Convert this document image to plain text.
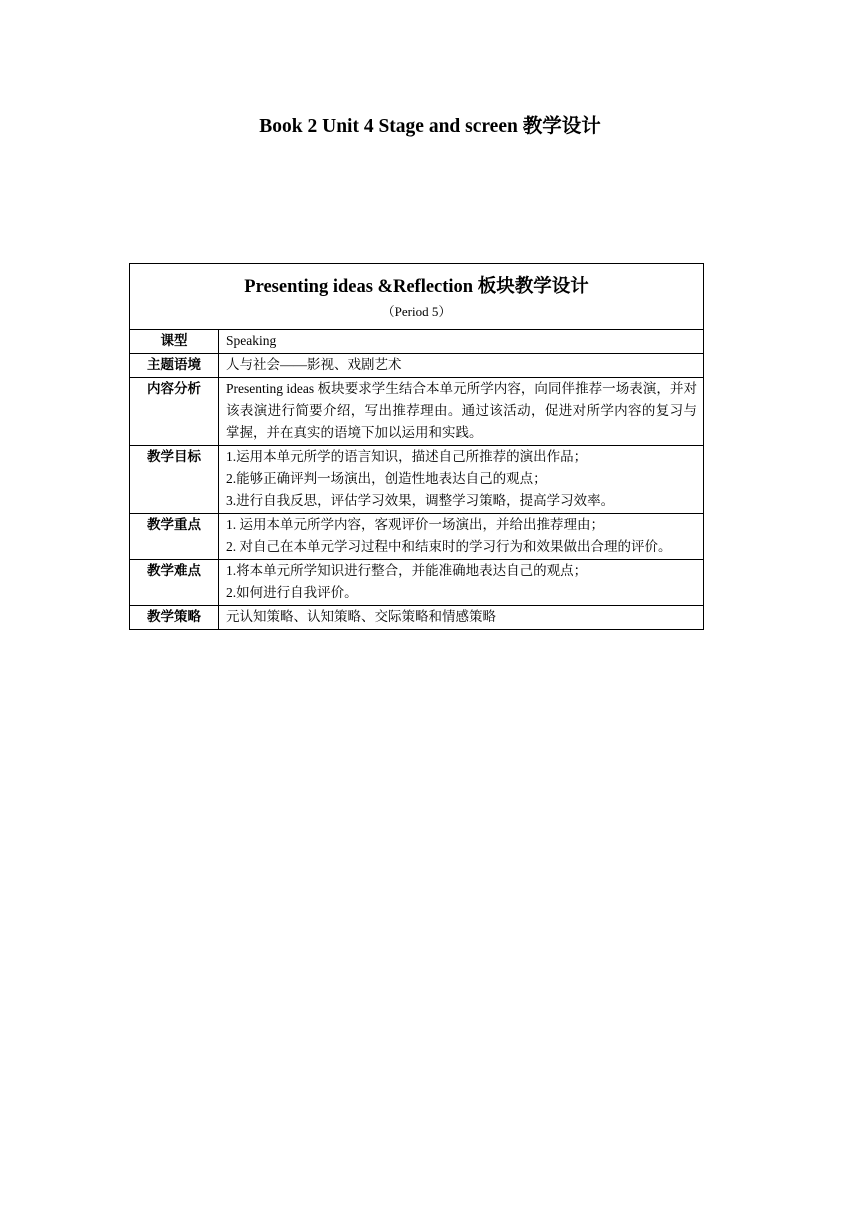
Book 2 Unit 4 Stage and screen 教学设计
Presenting ideas &Reflection 板块教学设计
（Period 5）	

课型	Speaking

主题语境	人与社会——影视、戏剧艺术

内容分析	Presenting ideas 板块要求学生结合本单元所学内容，向同伴推荐一场表演，并对该表演进行简要介绍，写出推荐理由。通过该活动，促进对所学内容的复习与掌握，并在真实的语境下加以运用和实践。

教学目标	1.运用本单元所学的语言知识，描述自己所推荐的演出作品；
2.能够正确评判一场演出，创造性地表达自己的观点；
3.进行自我反思，评估学习效果，调整学习策略，提高学习效率。

教学重点	1. 运用本单元所学内容，客观评价一场演出，并给出推荐理由；
2. 对自己在本单元学习过程中和结束时的学习行为和效果做出合理的评价。

教学难点	1.将本单元所学知识进行整合，并能准确地表达自己的观点；
2.如何进行自我评价。

教学策略	元认知策略、认知策略、交际策略和情感策略
